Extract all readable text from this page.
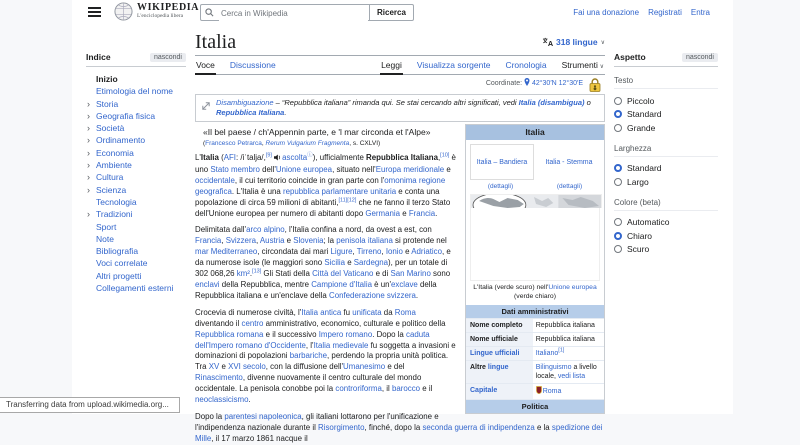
WIKIPEDIA
L'enciclopedia libera
Cerca in Wikipedia	Ricerca	Fai una donazione Registrati Entra
Indice	nascondi
Inizio
Etimologia del nome
› Storia
› Geografia fisica
› Società
› Ordinamento
› Economia
› Ambiente
› Cultura
› Scienza
Tecnologia
› Tradizioni
Sport
Note
Bibliografia
Voci correlate
Altri progetti
Collegamenti esterni
Aspetto	nascondi
Testo
Piccolo
Standard
Grande
Larghezza
Standard
Largo
Colore (beta)
Automatico
Chiaro
Scuro
Italia	A 318 lingue ∨
Voce Discussione	Leggi Visualizza sorgente Cronologia Strumenti ∨
Coordinate: 42°30′N 12°30′E
Disambiguazione – “Repubblica italiana” rimanda qui. Se stai cercando altri significati, vedi Italia (disambigua) o Repubblica Italiana.
Italia
Italia – Bandiera	Italia - Stemma
(dettagli)	(dettagli)
L'Italia (verde scuro) nell'Unione europea (verde chiaro)
Dati amministrativi
Nome completo	Repubblica italiana
Nome ufficiale	Repubblica italiana
Lingue ufficiali	Italiano[1]
Altre lingue	Bilinguismo a livello locale, vedi lista
Capitale	Roma
Politica
«Il bel paese / ch'Appennin parte, e 'l mar circonda et l'Alpe»
(Francesco Petrarca, Rerum Vulgarium Fragmenta, s. CXLVI)

L'Italia (AFI: /iˈtalja/,[9] ascoltaⓘ), ufficialmente Repubblica Italiana,[10] è uno Stato membro dell'Unione europea, situato nell'Europa meridionale e occidentale, il cui territorio coincide in gran parte con l'omonima regione geografica. L'Italia è una repubblica parlamentare unitaria e conta una popolazione di circa 59 milioni di abitanti,[11][12] che ne fanno il terzo Stato dell'Unione europea per numero di abitanti dopo Germania e Francia.

Delimitata dall'arco alpino, l'Italia confina a nord, da ovest a est, con Francia, Svizzera, Austria e Slovenia; la penisola italiana si protende nel mar Mediterraneo, circondata dai mari Ligure, Tirreno, Ionio e Adriatico, e da numerose isole (le maggiori sono Sicilia e Sardegna), per un totale di 302 068,26 km².[13] Gli Stati della Città del Vaticano e di San Marino sono enclavi della Repubblica, mentre Campione d'Italia è un'exclave della Repubblica italiana e un'enclave della Confederazione svizzera.

Crocevia di numerose civiltà, l'Italia antica fu unificata da Roma diventando il centro amministrativo, economico, culturale e politico della Repubblica romana e il successivo Impero romano. Dopo la caduta dell'Impero romano d'Occidente, l'Italia medievale fu soggetta a invasioni e dominazioni di popolazioni barbariche, perdendo la propria unità politica. Tra XV e XVI secolo, con la diffusione dell'Umanesimo e del Rinascimento, divenne nuovamente il centro culturale del mondo occidentale. La penisola conobbe poi la controriforma, il barocco e il neoclassicismo.

Dopo la parentesi napoleonica, gli italiani lottarono per l'unificazione e l'indipendenza nazionale durante il Risorgimento, finché, dopo la seconda guerra di indipendenza e la spedizione dei Mille, il 17 marzo 1861 nacque il

Transferring data from upload.wikimedia.org...
